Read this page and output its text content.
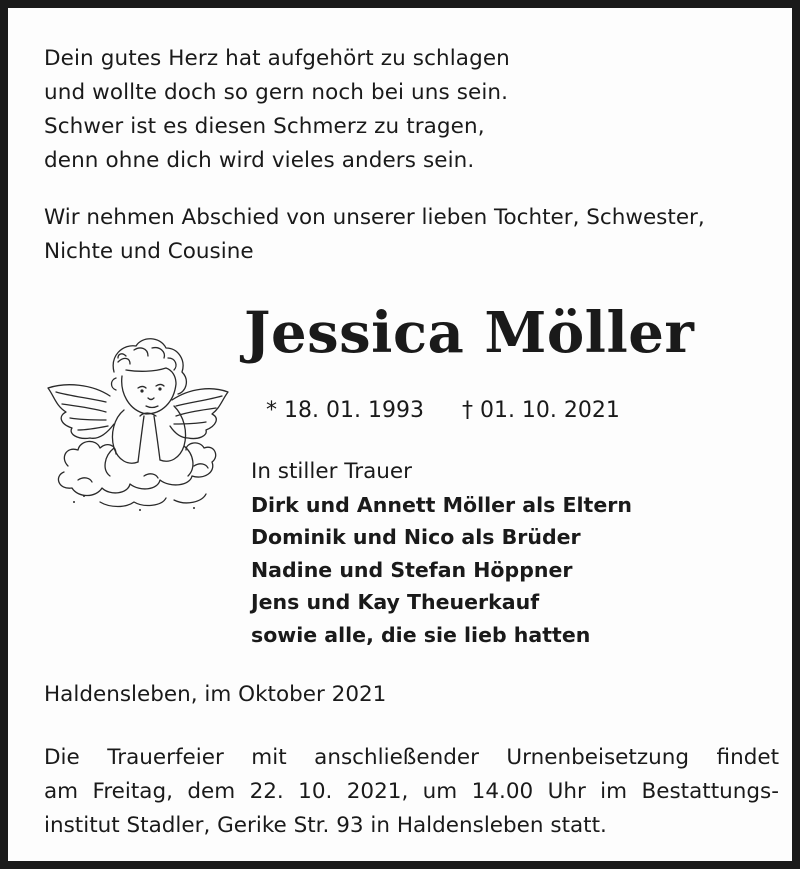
Dein gutes Herz hat aufgehört zu schlagen
und wollte doch so gern noch bei uns sein.
Schwer ist es diesen Schmerz zu tragen,
denn ohne dich wird vieles anders sein.
Wir nehmen Abschied von unserer lieben Tochter, Schwester,
Nichte und Cousine
Jessica Möller
* 18. 01. 1993 † 01. 10. 2021
In stiller Trauer
Dirk und Annett Möller als Eltern
Dominik und Nico als Brüder
Nadine und Stefan Höppner
Jens und Kay Theuerkauf
sowie alle, die sie lieb hatten
Haldensleben, im Oktober 2021
Die Trauerfeier mit anschließender Urnenbeisetzung findet
am Freitag, dem 22. 10. 2021, um 14.00 Uhr im Bestattungs-
institut Stadler, Gerike Str. 93 in Haldensleben statt.
